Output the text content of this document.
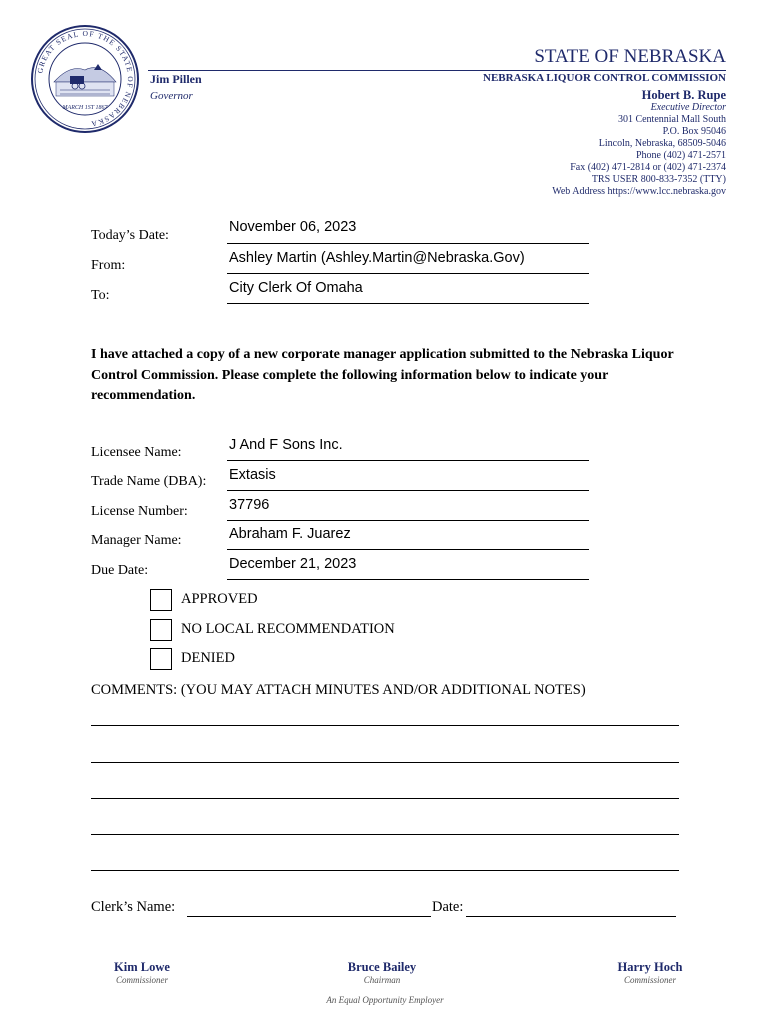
GREAT SEAL OF THE STATE OF NEBRASKA
MARCH 1ST 1867
Jim Pillen
Governor
STATE OF NEBRASKA
NEBRASKA LIQUOR CONTROL COMMISSION
Hobert B. Rupe
Executive Director
301 Centennial Mall South
P.O. Box 95046
Lincoln, Nebraska, 68509-5046
Phone (402) 471-2571
Fax (402) 471-2814 or (402) 471-2374
TRS USER 800-833-7352 (TTY)
Web Address https://www.lcc.nebraska.gov
Today’s Date:
November 06, 2023
From:	Ashley Martin (Ashley.Martin@Nebraska.Gov)
To:	City Clerk Of Omaha
I have attached a copy of a new corporate manager application submitted to the Nebraska Liquor Control Commission. Please complete the following information below to indicate your recommendation.
Licensee Name:	J And F Sons Inc.
Trade Name (DBA): Extasis
License Number:	37796
Manager Name:	Abraham F. Juarez
Due Date:	December 21, 2023
APPROVED
NO LOCAL RECOMMENDATION
DENIED
COMMENTS: (YOU MAY ATTACH MINUTES AND/OR ADDITIONAL NOTES)
Clerk’s Name:	Date:
Kim Lowe
Commissioner
Bruce Bailey
Chairman
Harry Hoch
Commissioner
An Equal Opportunity Employer
